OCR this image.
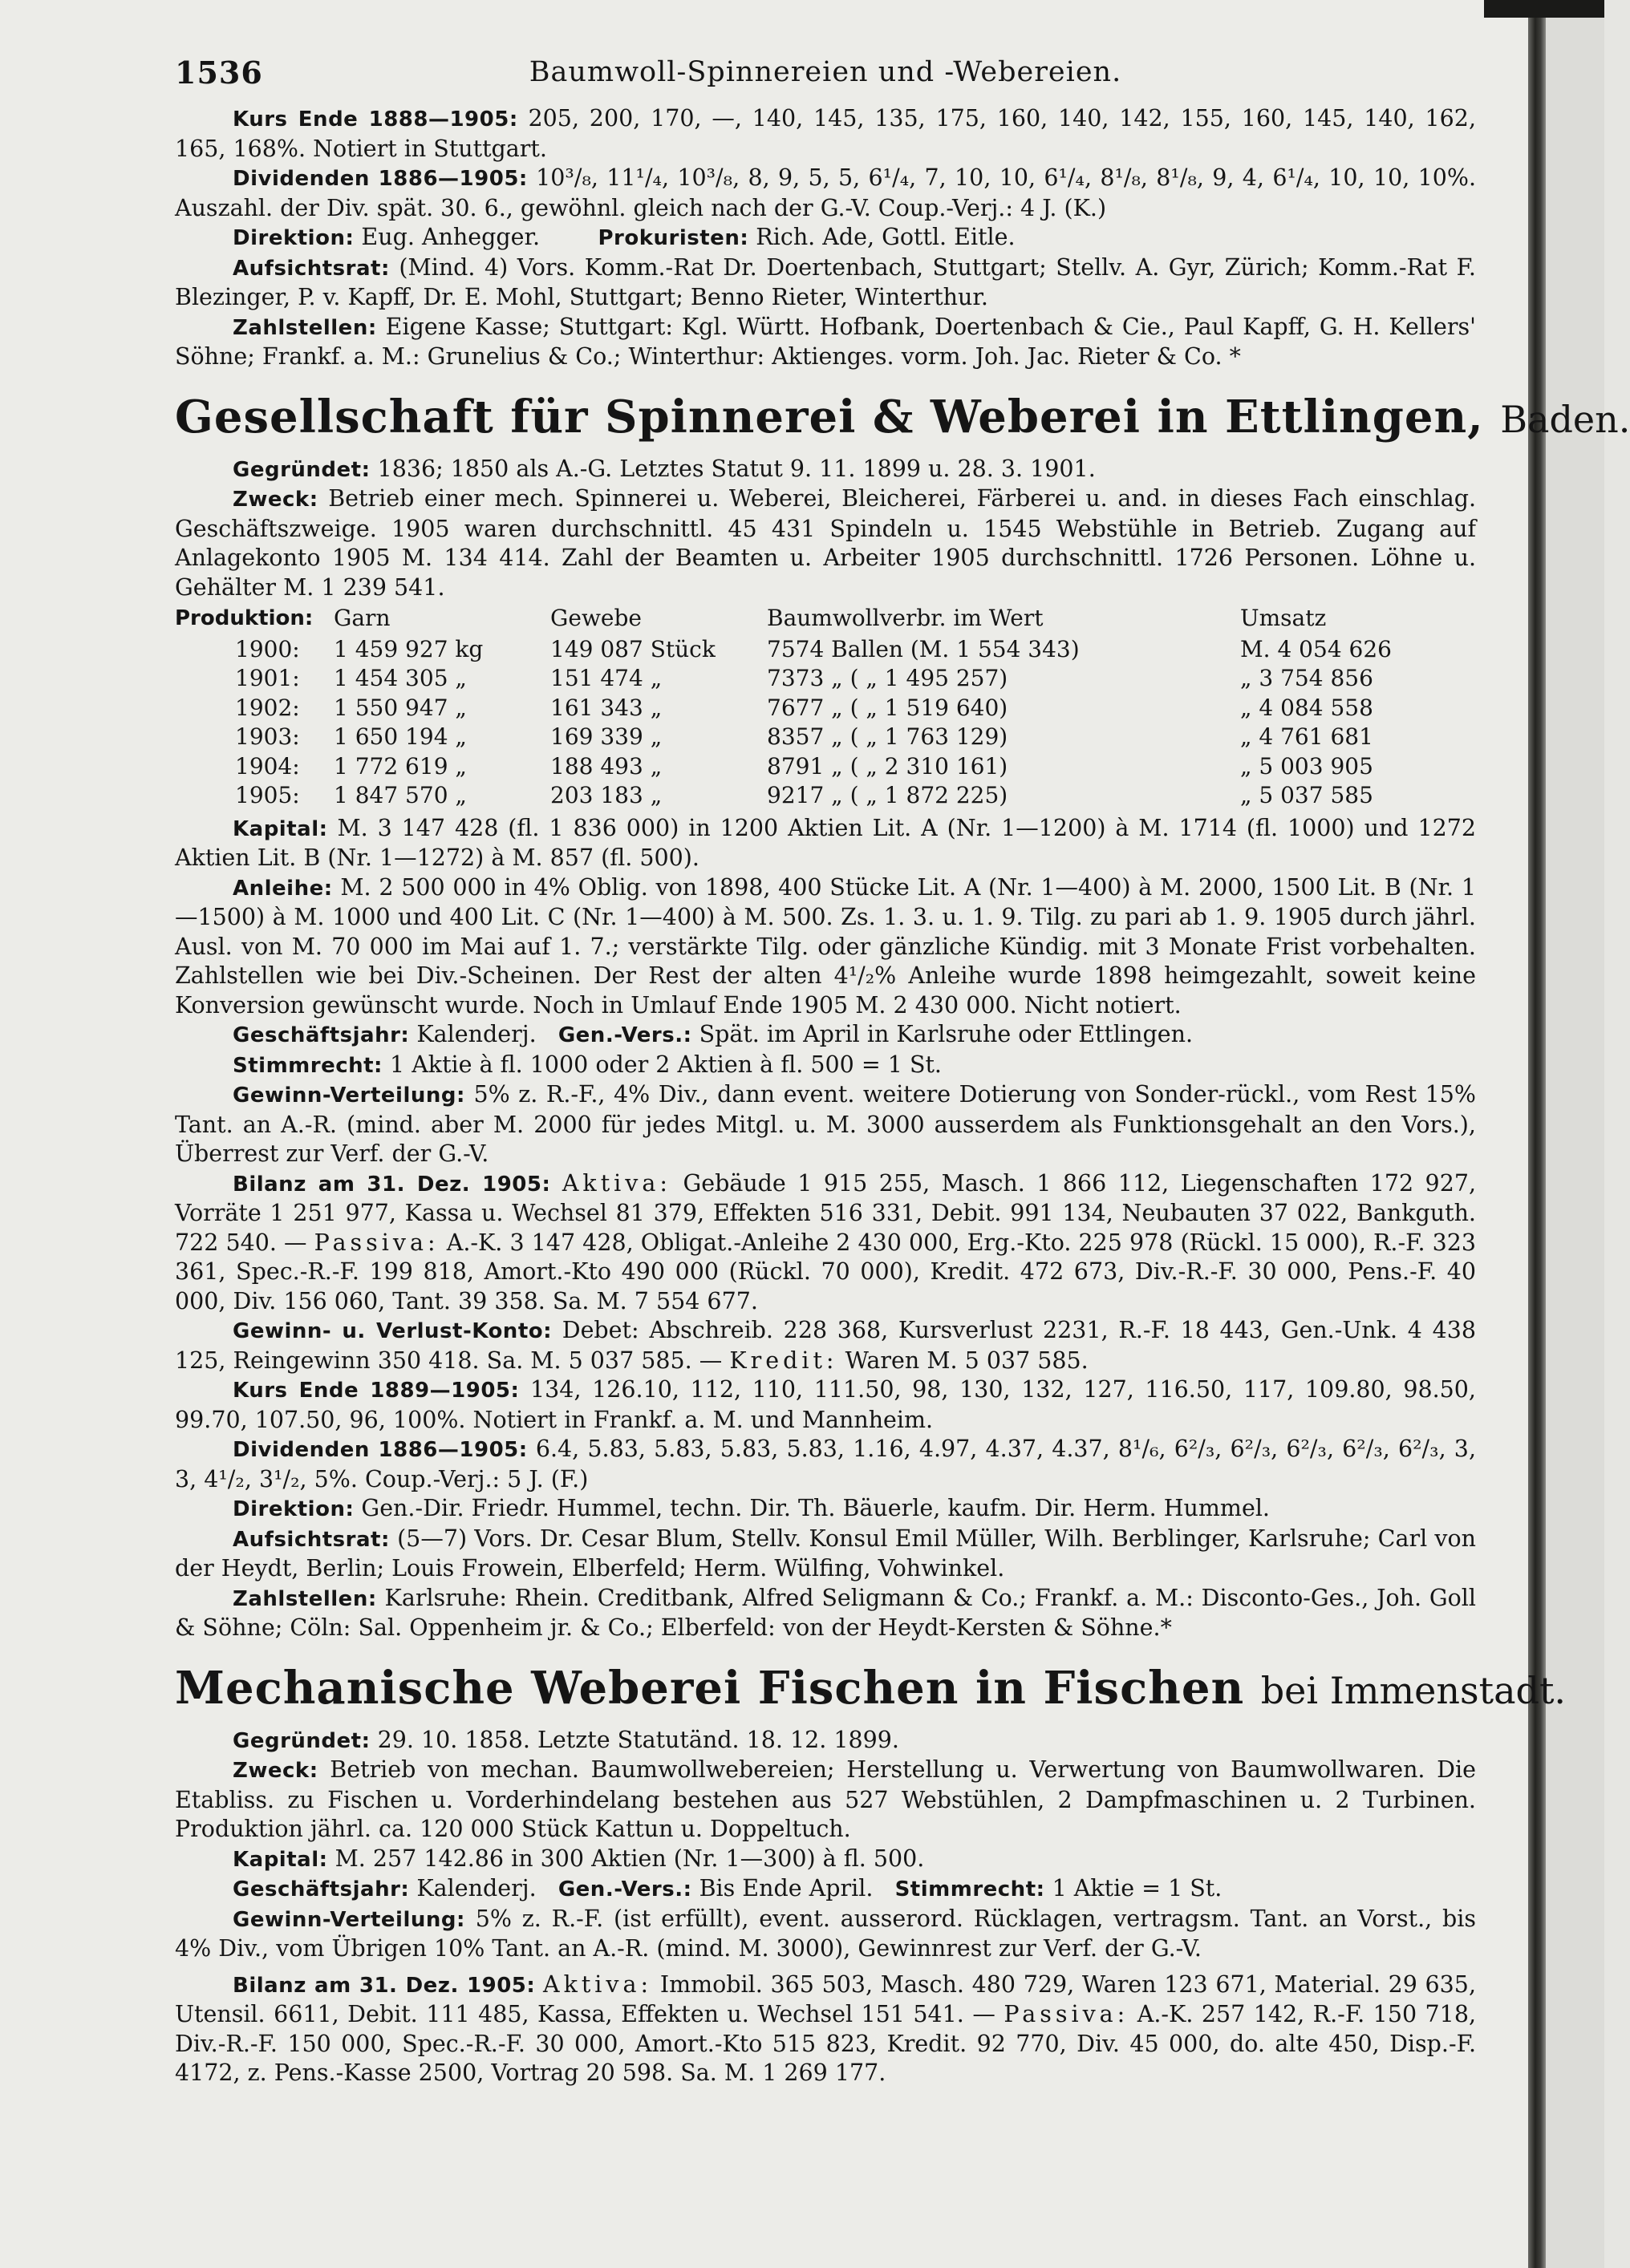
1536	Baumwoll-Spinnereien und -Webereien.

Kurs Ende 1888—1905: 205, 200, 170, —, 140, 145, 135, 175, 160, 140, 142, 155, 160, 145, 140, 162, 165, 168%. Notiert in Stuttgart.

Dividenden 1886—1905: 10³/₈, 11¹/₄, 10³/₈, 8, 9, 5, 5, 6¹/₄, 7, 10, 10, 6¹/₄, 8¹/₈, 8¹/₈, 9, 4, 6¹/₄, 10, 10, 10%. Auszahl. der Div. spät. 30. 6., gewöhnl. gleich nach der G.-V. Coup.-Verj.: 4 J. (K.)

Direktion: Eug. Anhegger.	Prokuristen: Rich. Ade, Gottl. Eitle.

Aufsichtsrat: (Mind. 4) Vors. Komm.-Rat Dr. Doertenbach, Stuttgart; Stellv. A. Gyr, Zürich; Komm.-Rat F. Blezinger, P. v. Kapff, Dr. E. Mohl, Stuttgart; Benno Rieter, Winterthur.

Zahlstellen: Eigene Kasse; Stuttgart: Kgl. Württ. Hofbank, Doertenbach & Cie., Paul Kapff, G. H. Kellers' Söhne; Frankf. a. M.: Grunelius & Co.; Winterthur: Aktienges. vorm. Joh. Jac. Rieter & Co. *

Gesellschaft für Spinnerei & Weberei in Ettlingen, Baden.

Gegründet: 1836; 1850 als A.-G. Letztes Statut 9. 11. 1899 u. 28. 3. 1901.

Zweck: Betrieb einer mech. Spinnerei u. Weberei, Bleicherei, Färberei u. and. in dieses Fach einschlag. Geschäftszweige. 1905 waren durchschnittl. 45 431 Spindeln u. 1545 Webstühle in Betrieb. Zugang auf Anlagekonto 1905 M. 134 414. Zahl der Beamten u. Arbeiter 1905 durchschnittl. 1726 Personen. Löhne u. Gehälter M. 1 239 541.

Produktion:	Garn	Gewebe	Baumwollverbr. im Wert	Umsatz
1900:	1 459 927 kg	149 087 Stück	7574 Ballen (M. 1 554 343)	M. 4 054 626
1901:	1 454 305 „	151 474 „	7373 „ ( „ 1 495 257)	„ 3 754 856
1902:	1 550 947 „	161 343 „	7677 „ ( „ 1 519 640)	„ 4 084 558
1903:	1 650 194 „	169 339 „	8357 „ ( „ 1 763 129)	„ 4 761 681
1904:	1 772 619 „	188 493 „	8791 „ ( „ 2 310 161)	„ 5 003 905
1905:	1 847 570 „	203 183 „	9217 „ ( „ 1 872 225)	„ 5 037 585

Kapital: M. 3 147 428 (fl. 1 836 000) in 1200 Aktien Lit. A (Nr. 1—1200) à M. 1714 (fl. 1000) und 1272 Aktien Lit. B (Nr. 1—1272) à M. 857 (fl. 500).

Anleihe: M. 2 500 000 in 4% Oblig. von 1898, 400 Stücke Lit. A (Nr. 1—400) à M. 2000, 1500 Lit. B (Nr. 1—1500) à M. 1000 und 400 Lit. C (Nr. 1—400) à M. 500. Zs. 1. 3. u. 1. 9. Tilg. zu pari ab 1. 9. 1905 durch jährl. Ausl. von M. 70 000 im Mai auf 1. 7.; verstärkte Tilg. oder gänzliche Kündig. mit 3 Monate Frist vorbehalten. Zahlstellen wie bei Div.-Scheinen. Der Rest der alten 4¹/₂% Anleihe wurde 1898 heimgezahlt, soweit keine Konversion gewünscht wurde. Noch in Umlauf Ende 1905 M. 2 430 000. Nicht notiert.

Geschäftsjahr: Kalenderj. Gen.-Vers.: Spät. im April in Karlsruhe oder Ettlingen.

Stimmrecht: 1 Aktie à fl. 1000 oder 2 Aktien à fl. 500 = 1 St.

Gewinn-Verteilung: 5% z. R.-F., 4% Div., dann event. weitere Dotierung von Sonder-rückl., vom Rest 15% Tant. an A.-R. (mind. aber M. 2000 für jedes Mitgl. u. M. 3000 ausserdem als Funktionsgehalt an den Vors.), Überrest zur Verf. der G.-V.

Bilanz am 31. Dez. 1905: Aktiva: Gebäude 1 915 255, Masch. 1 866 112, Liegenschaften 172 927, Vorräte 1 251 977, Kassa u. Wechsel 81 379, Effekten 516 331, Debit. 991 134, Neubauten 37 022, Bankguth. 722 540. — Passiva: A.-K. 3 147 428, Obligat.-Anleihe 2 430 000, Erg.-Kto. 225 978 (Rückl. 15 000), R.-F. 323 361, Spec.-R.-F. 199 818, Amort.-Kto 490 000 (Rückl. 70 000), Kredit. 472 673, Div.-R.-F. 30 000, Pens.-F. 40 000, Div. 156 060, Tant. 39 358. Sa. M. 7 554 677.

Gewinn- u. Verlust-Konto: Debet: Abschreib. 228 368, Kursverlust 2231, R.-F. 18 443, Gen.-Unk. 4 438 125, Reingewinn 350 418. Sa. M. 5 037 585. — Kredit: Waren M. 5 037 585.

Kurs Ende 1889—1905: 134, 126.10, 112, 110, 111.50, 98, 130, 132, 127, 116.50, 117, 109.80, 98.50, 99.70, 107.50, 96, 100%. Notiert in Frankf. a. M. und Mannheim.

Dividenden 1886—1905: 6.4, 5.83, 5.83, 5.83, 5.83, 1.16, 4.97, 4.37, 4.37, 8¹/₆, 6²/₃, 6²/₃, 6²/₃, 6²/₃, 6²/₃, 3, 3, 4¹/₂, 3¹/₂, 5%. Coup.-Verj.: 5 J. (F.)

Direktion: Gen.-Dir. Friedr. Hummel, techn. Dir. Th. Bäuerle, kaufm. Dir. Herm. Hummel.

Aufsichtsrat: (5—7) Vors. Dr. Cesar Blum, Stellv. Konsul Emil Müller, Wilh. Berblinger, Karlsruhe; Carl von der Heydt, Berlin; Louis Frowein, Elberfeld; Herm. Wülfing, Vohwinkel.

Zahlstellen: Karlsruhe: Rhein. Creditbank, Alfred Seligmann & Co.; Frankf. a. M.: Disconto-Ges., Joh. Goll & Söhne; Cöln: Sal. Oppenheim jr. & Co.; Elberfeld: von der Heydt-Kersten & Söhne.*

Mechanische Weberei Fischen in Fischen bei Immenstadt.

Gegründet: 29. 10. 1858. Letzte Statutänd. 18. 12. 1899.

Zweck: Betrieb von mechan. Baumwollwebereien; Herstellung u. Verwertung von Baumwollwaren. Die Etabliss. zu Fischen u. Vorderhindelang bestehen aus 527 Webstühlen, 2 Dampfmaschinen u. 2 Turbinen. Produktion jährl. ca. 120 000 Stück Kattun u. Doppeltuch.

Kapital: M. 257 142.86 in 300 Aktien (Nr. 1—300) à fl. 500.

Geschäftsjahr: Kalenderj. Gen.-Vers.: Bis Ende April. Stimmrecht: 1 Aktie = 1 St.

Gewinn-Verteilung: 5% z. R.-F. (ist erfüllt), event. ausserord. Rücklagen, vertragsm. Tant. an Vorst., bis 4% Div., vom Übrigen 10% Tant. an A.-R. (mind. M. 3000), Gewinnrest zur Verf. der G.-V.

Bilanz am 31. Dez. 1905: Aktiva: Immobil. 365 503, Masch. 480 729, Waren 123 671, Material. 29 635, Utensil. 6611, Debit. 111 485, Kassa, Effekten u. Wechsel 151 541. — Passiva: A.-K. 257 142, R.-F. 150 718, Div.-R.-F. 150 000, Spec.-R.-F. 30 000, Amort.-Kto 515 823, Kredit. 92 770, Div. 45 000, do. alte 450, Disp.-F. 4172, z. Pens.-Kasse 2500, Vortrag 20 598. Sa. M. 1 269 177.
